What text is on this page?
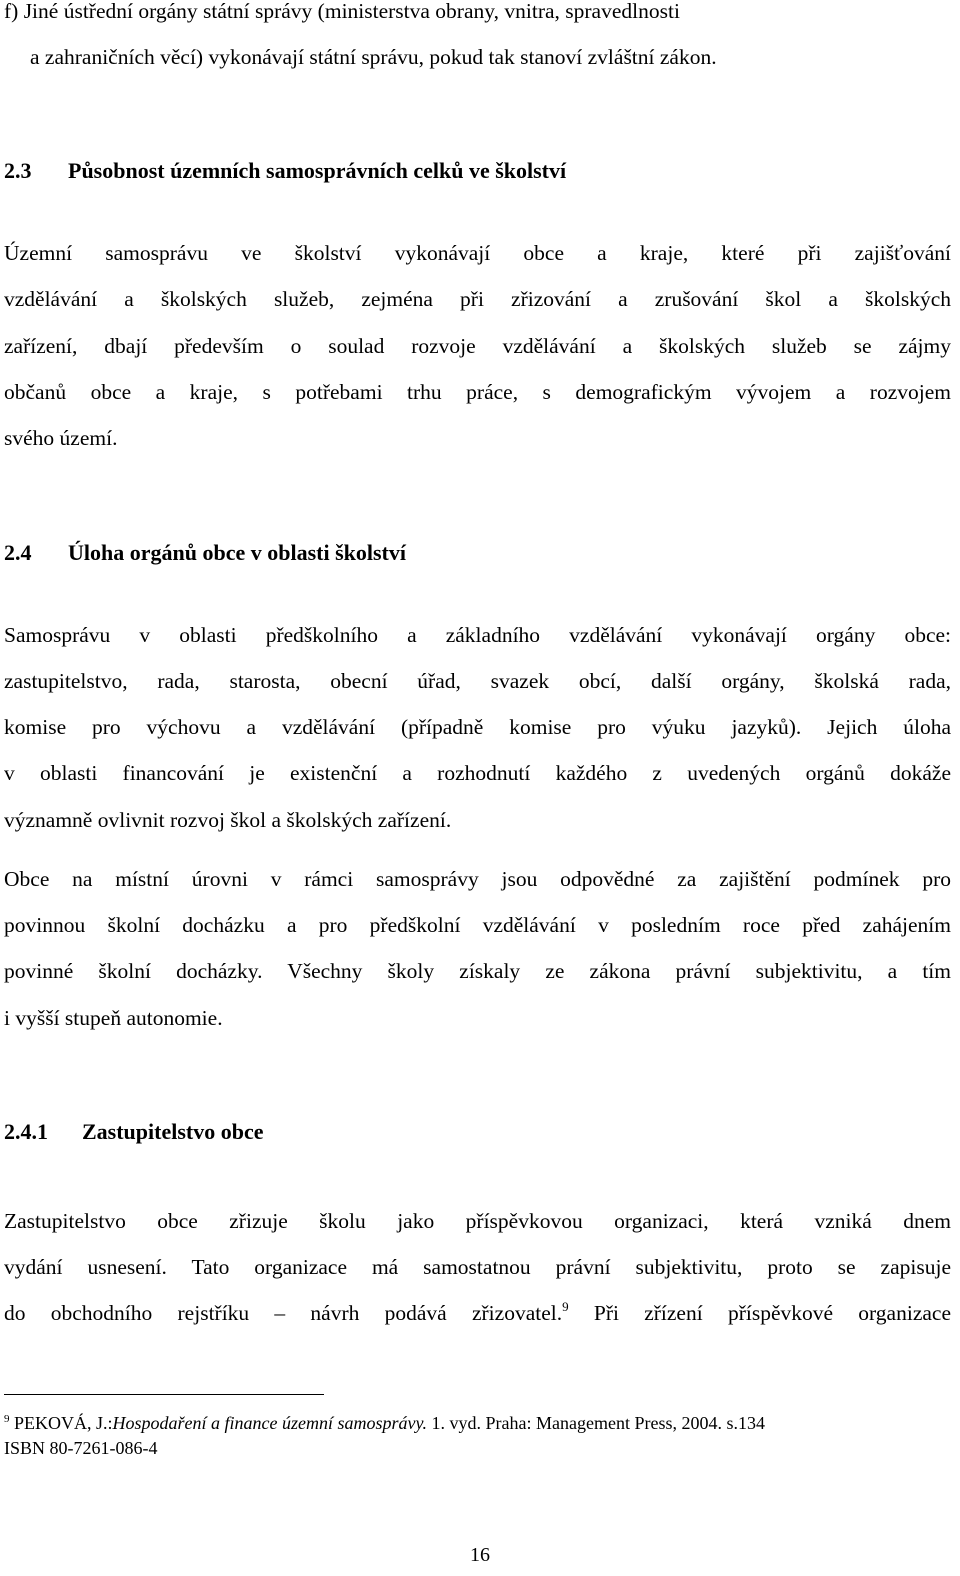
f) Jiné ústřední orgány státní správy (ministerstva obrany, vnitra, spravedlnosti
a zahraničních věcí) vykonávají státní správu, pokud tak stanoví zvláštní zákon.
2.3 Působnost územních samosprávních celků ve školství
Územní samosprávu ve školství vykonávají obce a kraje, které při zajišťování
vzdělávání a školských služeb, zejména při zřizování a zrušování škol a školských
zařízení, dbají především o soulad rozvoje vzdělávání a školských služeb se zájmy
občanů obce a kraje, s potřebami trhu práce, s demografickým vývojem a rozvojem
svého území.
2.4 Úloha orgánů obce v oblasti školství
Samosprávu v oblasti předškolního a základního vzdělávání vykonávají orgány obce:
zastupitelstvo, rada, starosta, obecní úřad, svazek obcí, další orgány, školská rada,
komise pro výchovu a vzdělávání (případně komise pro výuku jazyků). Jejich úloha
v oblasti financování je existenční a rozhodnutí každého z uvedených orgánů dokáže
významně ovlivnit rozvoj škol a školských zařízení.
Obce na místní úrovni v rámci samosprávy jsou odpovědné za zajištění podmínek pro
povinnou školní docházku a pro předškolní vzdělávání v posledním roce před zahájením
povinné školní docházky. Všechny školy získaly ze zákona právní subjektivitu, a tím
i vyšší stupeň autonomie.
2.4.1 Zastupitelstvo obce
Zastupitelstvo obce zřizuje školu jako příspěvkovou organizaci, která vzniká dnem
vydání usnesení. Tato organizace má samostatnou právní subjektivitu, proto se zapisuje
do obchodního rejstříku – návrh podává zřizovatel.$^9$ Při zřízení příspěvkové organizace
$^9$ PEKOVÁ, J.:Hospodaření a finance územní samosprávy. 1. vyd. Praha: Management Press, 2004. s.134
ISBN 80-7261-086-4
16
